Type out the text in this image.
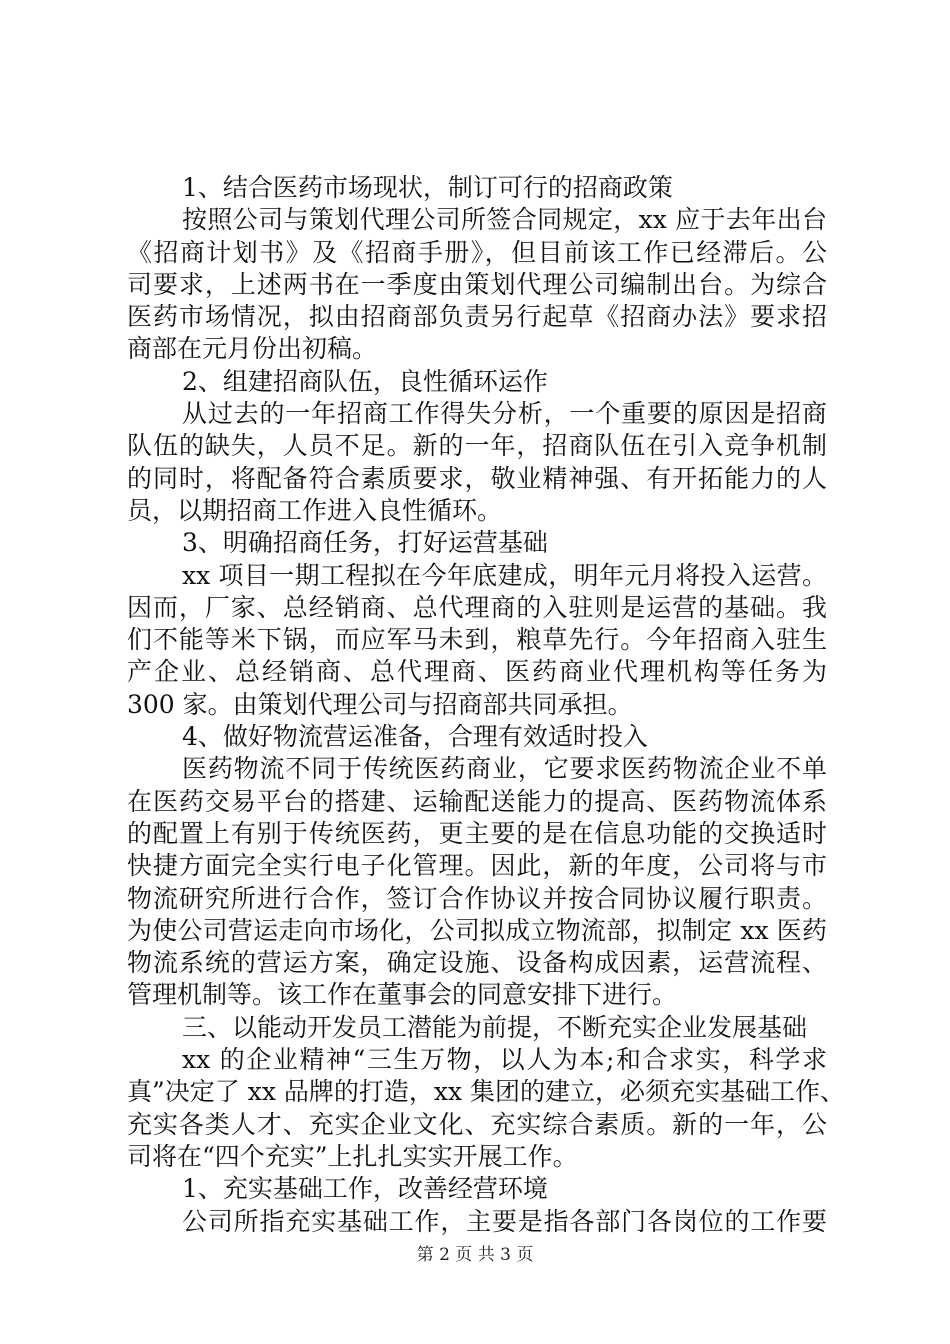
1、结合医药市场现状，制订可行的招商政策
按照公司与策划代理公司所签合同规定，xx 应于去年出台
《招商计划书》及《招商手册》，但目前该工作已经滞后。公
司要求，上述两书在一季度由策划代理公司编制出台。为综合
医药市场情况，拟由招商部负责另行起草《招商办法》要求招
商部在元月份出初稿。
2、组建招商队伍，良性循环运作
从过去的一年招商工作得失分析，一个重要的原因是招商
队伍的缺失，人员不足。新的一年，招商队伍在引入竞争机制
的同时，将配备符合素质要求，敬业精神强、有开拓能力的人
员，以期招商工作进入良性循环。
3、明确招商任务，打好运营基础
xx 项目一期工程拟在今年底建成，明年元月将投入运营。
因而，厂家、总经销商、总代理商的入驻则是运营的基础。我
们不能等米下锅，而应军马未到，粮草先行。今年招商入驻生
产企业、总经销商、总代理商、医药商业代理机构等任务为
300 家。由策划代理公司与招商部共同承担。
4、做好物流营运准备，合理有效适时投入
医药物流不同于传统医药商业，它要求医药物流企业不单
在医药交易平台的搭建、运输配送能力的提高、医药物流体系
的配置上有别于传统医药，更主要的是在信息功能的交换适时
快捷方面完全实行电子化管理。因此，新的年度，公司将与市
物流研究所进行合作，签订合作协议并按合同协议履行职责。
为使公司营运走向市场化，公司拟成立物流部，拟制定 xx 医药
物流系统的营运方案，确定设施、设备构成因素，运营流程、
管理机制等。该工作在董事会的同意安排下进行。
三、以能动开发员工潜能为前提，不断充实企业发展基础
xx 的企业精神“三生万物，以人为本;和合求实，科学求
真”决定了 xx 品牌的打造，xx 集团的建立，必须充实基础工作、
充实各类人才、充实企业文化、充实综合素质。新的一年，公
司将在“四个充实”上扎扎实实开展工作。
1、充实基础工作，改善经营环境
公司所指充实基础工作，主要是指各部门各岗位的工作要
第 2 页 共 3 页
